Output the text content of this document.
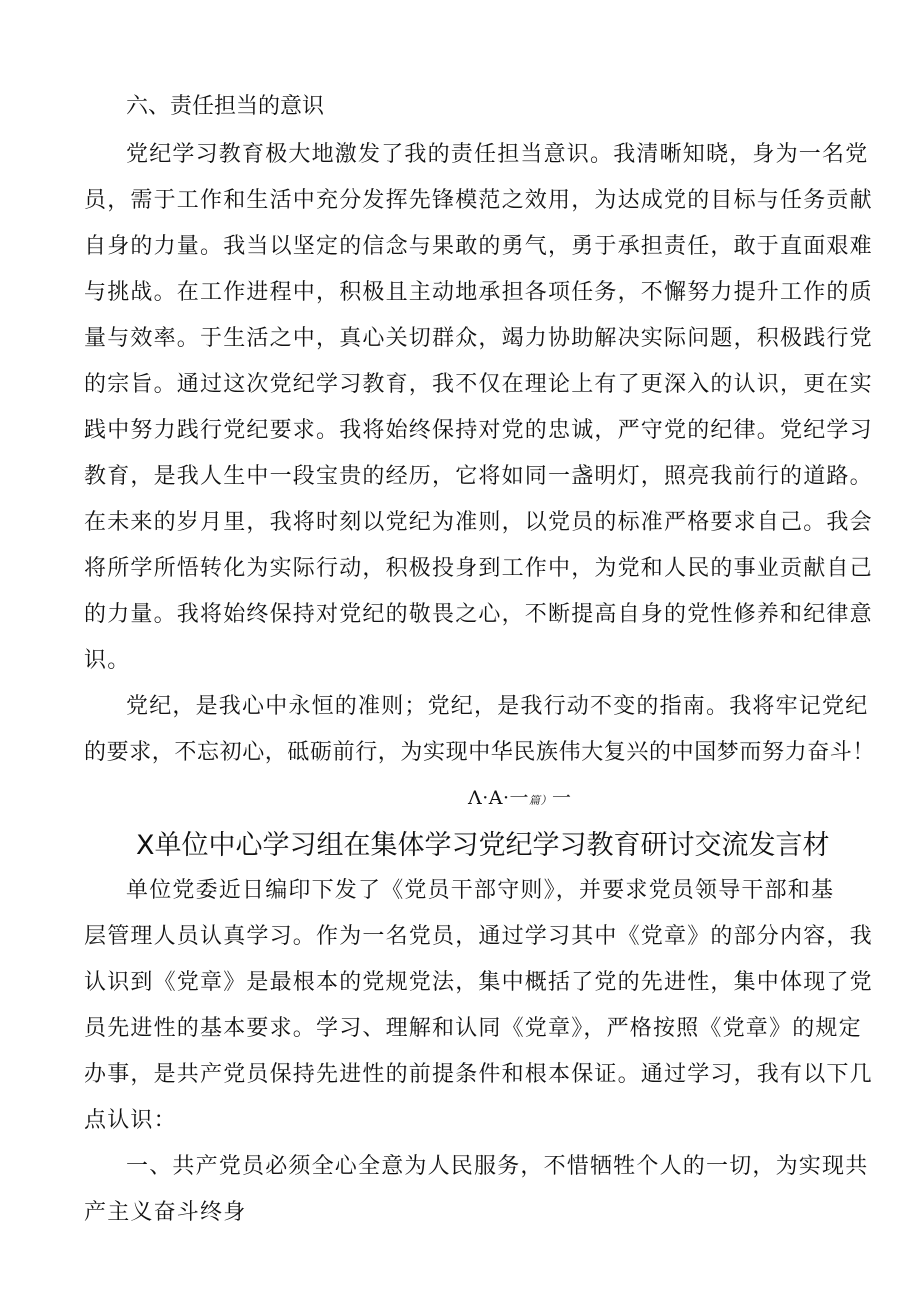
六、责任担当的意识
党纪学习教育极大地激发了我的责任担当意识。我清晰知晓，身为一名党
员，需于工作和生活中充分发挥先锋模范之效用，为达成党的目标与任务贡献
自身的力量。我当以坚定的信念与果敢的勇气，勇于承担责任，敢于直面艰难
与挑战。在工作进程中，积极且主动地承担各项任务，不懈努力提升工作的质
量与效率。于生活之中，真心关切群众，竭力协助解决实际问题，积极践行党
的宗旨。通过这次党纪学习教育，我不仅在理论上有了更深入的认识，更在实
践中努力践行党纪要求。我将始终保持对党的忠诚，严守党的纪律。党纪学习
教育，是我人生中一段宝贵的经历，它将如同一盏明灯，照亮我前行的道路。
在未来的岁月里，我将时刻以党纪为准则，以党员的标准严格要求自己。我会
将所学所悟转化为实际行动，积极投身到工作中，为党和人民的事业贡献自己
的力量。我将始终保持对党纪的敬畏之心，不断提高自身的党性修养和纪律意
识。
党纪，是我心中永恒的准则；党纪，是我行动不变的指南。我将牢记党纪
的要求，不忘初心，砥砺前行，为实现中华民族伟大复兴的中国梦而努力奋斗！
Λ·A·一篇）一
X单位中心学习组在集体学习党纪学习教育研讨交流发言材
单位党委近日编印下发了《党员干部守则》，并要求党员领导干部和基
层管理人员认真学习。作为一名党员，通过学习其中《党章》的部分内容，我
认识到《党章》是最根本的党规党法，集中概括了党的先进性，集中体现了党
员先进性的基本要求。学习、理解和认同《党章》，严格按照《党章》的规定
办事，是共产党员保持先进性的前提条件和根本保证。通过学习，我有以下几
点认识：
一、共产党员必须全心全意为人民服务，不惜牺牲个人的一切，为实现共
产主义奋斗终身
